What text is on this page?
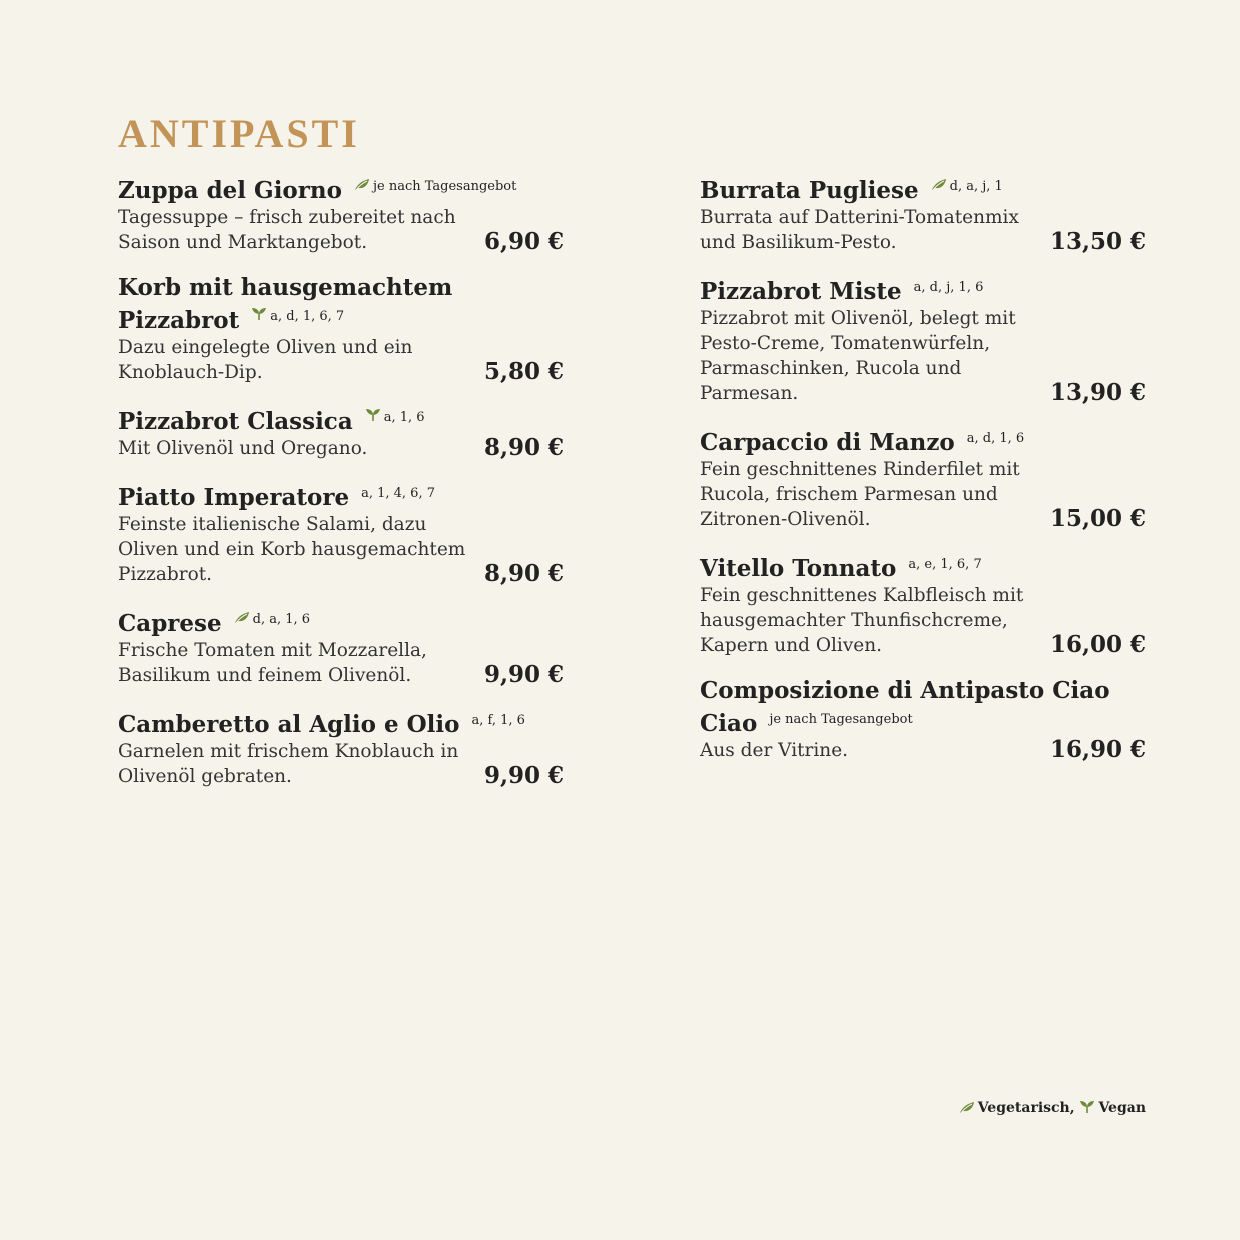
ANTIPASTI
Zuppa del Giorno $^{je nach Tagesangebot}$
Tagessuppe – frisch zubereitet nach Saison und Marktangebot.	6,90 €
Korb mit hausgemachtem Pizzabrot $^{a, d, 1, 6, 7}$
Dazu eingelegte Oliven und ein Knoblauch-Dip.	5,80 €
Pizzabrot Classica $^{a, 1, 6}$
Mit Olivenöl und Oregano.	8,90 €
Piatto Imperatore $^{a, 1, 4, 6, 7}$
Feinste italienische Salami, dazu Oliven und ein Korb hausgemachtem Pizzabrot.	8,90 €
Caprese $^{d, a, 1, 6}$
Frische Tomaten mit Mozzarella, Basilikum und feinem Olivenöl.	9,90 €
Camberetto al Aglio e Olio $^{a, f, 1, 6}$
Garnelen mit frischem Knoblauch in Olivenöl gebraten.	9,90 €
Burrata Pugliese $^{d, a, j, 1}$
Burrata auf Datterini-Tomatenmix und Basilikum-Pesto.	13,50 €
Pizzabrot Miste $^{a, d, j, 1, 6}$
Pizzabrot mit Olivenöl, belegt mit Pesto-Creme, Tomatenwürfeln, Parmaschinken, Rucola und Parmesan.	13,90 €
Carpaccio di Manzo $^{a, d, 1, 6}$
Fein geschnittenes Rinderfilet mit Rucola, frischem Parmesan und Zitronen-Olivenöl.	15,00 €
Vitello Tonnato $^{a, e, 1, 6, 7}$
Fein geschnittenes Kalbfleisch mit hausgemachter Thunfischcreme, Kapern und Oliven.	16,00 €
Composizione di Antipasto Ciao Ciao $^{je nach Tagesangebot}$
Aus der Vitrine.	16,90 €
Vegetarisch, Vegan
